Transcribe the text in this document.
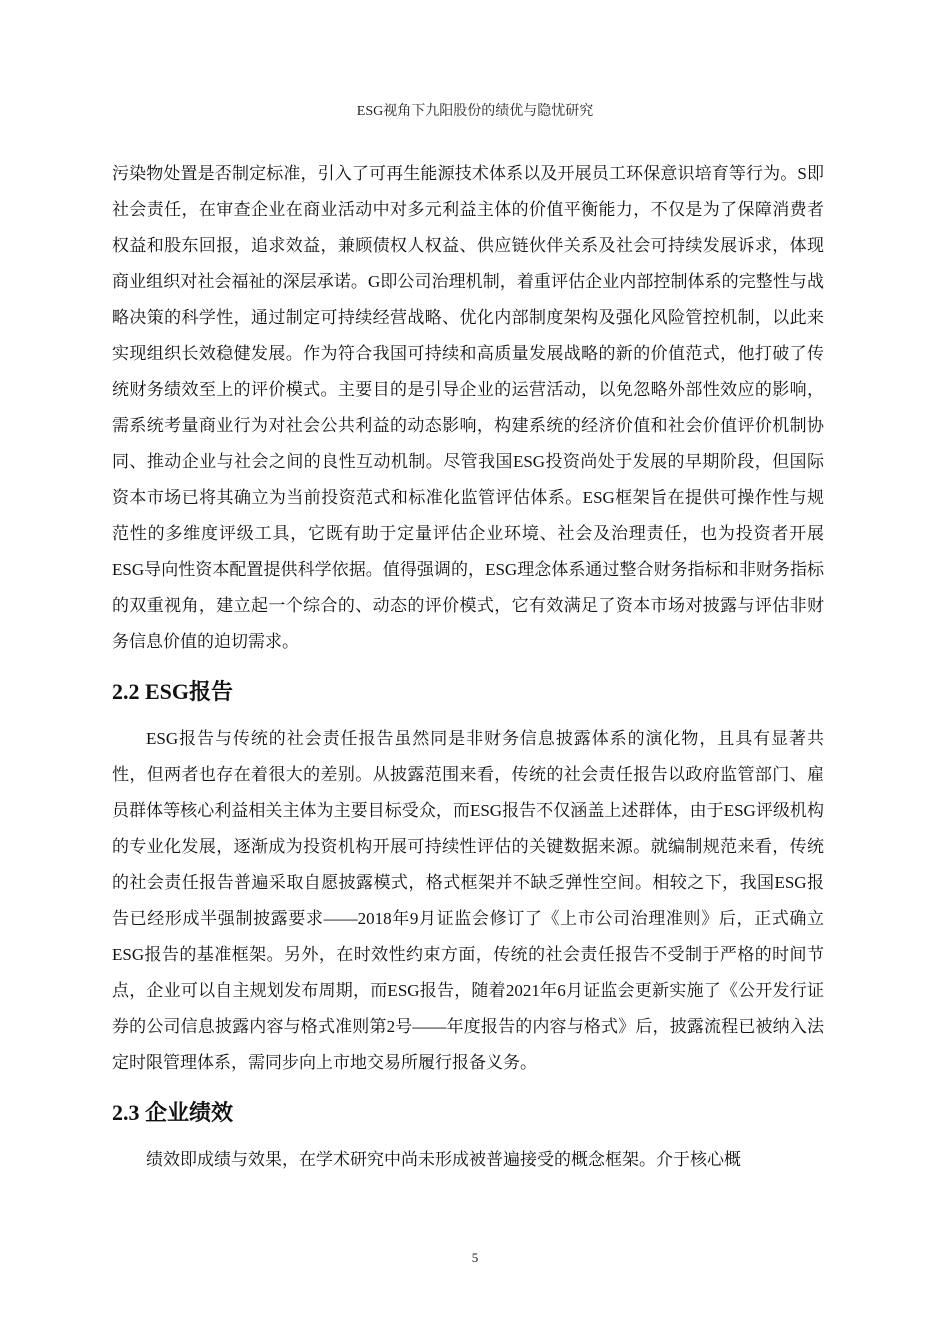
ESG视角下九阳股份的绩优与隐忧研究

污染物处置是否制定标准，引入了可再生能源技术体系以及开展员工环保意识培育等行为。S即社会责任，在审查企业在商业活动中对多元利益主体的价值平衡能力，不仅是为了保障消费者权益和股东回报，追求效益，兼顾债权人权益、供应链伙伴关系及社会可持续发展诉求，体现商业组织对社会福祉的深层承诺。G即公司治理机制，着重评估企业内部控制体系的完整性与战略决策的科学性，通过制定可持续经营战略、优化内部制度架构及强化风险管控机制，以此来实现组织长效稳健发展。作为符合我国可持续和高质量发展战略的新的价值范式，他打破了传统财务绩效至上的评价模式。主要目的是引导企业的运营活动，以免忽略外部性效应的影响，需系统考量商业行为对社会公共利益的动态影响，构建系统的经济价值和社会价值评价机制协同、推动企业与社会之间的良性互动机制。尽管我国ESG投资尚处于发展的早期阶段，但国际资本市场已将其确立为当前投资范式和标准化监管评估体系。ESG框架旨在提供可操作性与规范性的多维度评级工具，它既有助于定量评估企业环境、社会及治理责任，也为投资者开展ESG导向性资本配置提供科学依据。值得强调的，ESG理念体系通过整合财务指标和非财务指标的双重视角，建立起一个综合的、动态的评价模式，它有效满足了资本市场对披露与评估非财务信息价值的迫切需求。

2.2 ESG报告

ESG报告与传统的社会责任报告虽然同是非财务信息披露体系的演化物，且具有显著共性，但两者也存在着很大的差别。从披露范围来看，传统的社会责任报告以政府监管部门、雇员群体等核心利益相关主体为主要目标受众，而ESG报告不仅涵盖上述群体，由于ESG评级机构的专业化发展，逐渐成为投资机构开展可持续性评估的关键数据来源。就编制规范来看，传统的社会责任报告普遍采取自愿披露模式，格式框架并不缺乏弹性空间。相较之下，我国ESG报告已经形成半强制披露要求——2018年9月证监会修订了《上市公司治理准则》后，正式确立ESG报告的基准框架。另外，在时效性约束方面，传统的社会责任报告不受制于严格的时间节点，企业可以自主规划发布周期，而ESG报告，随着2021年6月证监会更新实施了《公开发行证券的公司信息披露内容与格式准则第2号——年度报告的内容与格式》后，披露流程已被纳入法定时限管理体系，需同步向上市地交易所履行报备义务。

2.3 企业绩效

绩效即成绩与效果，在学术研究中尚未形成被普遍接受的概念框架。介于核心概

5
